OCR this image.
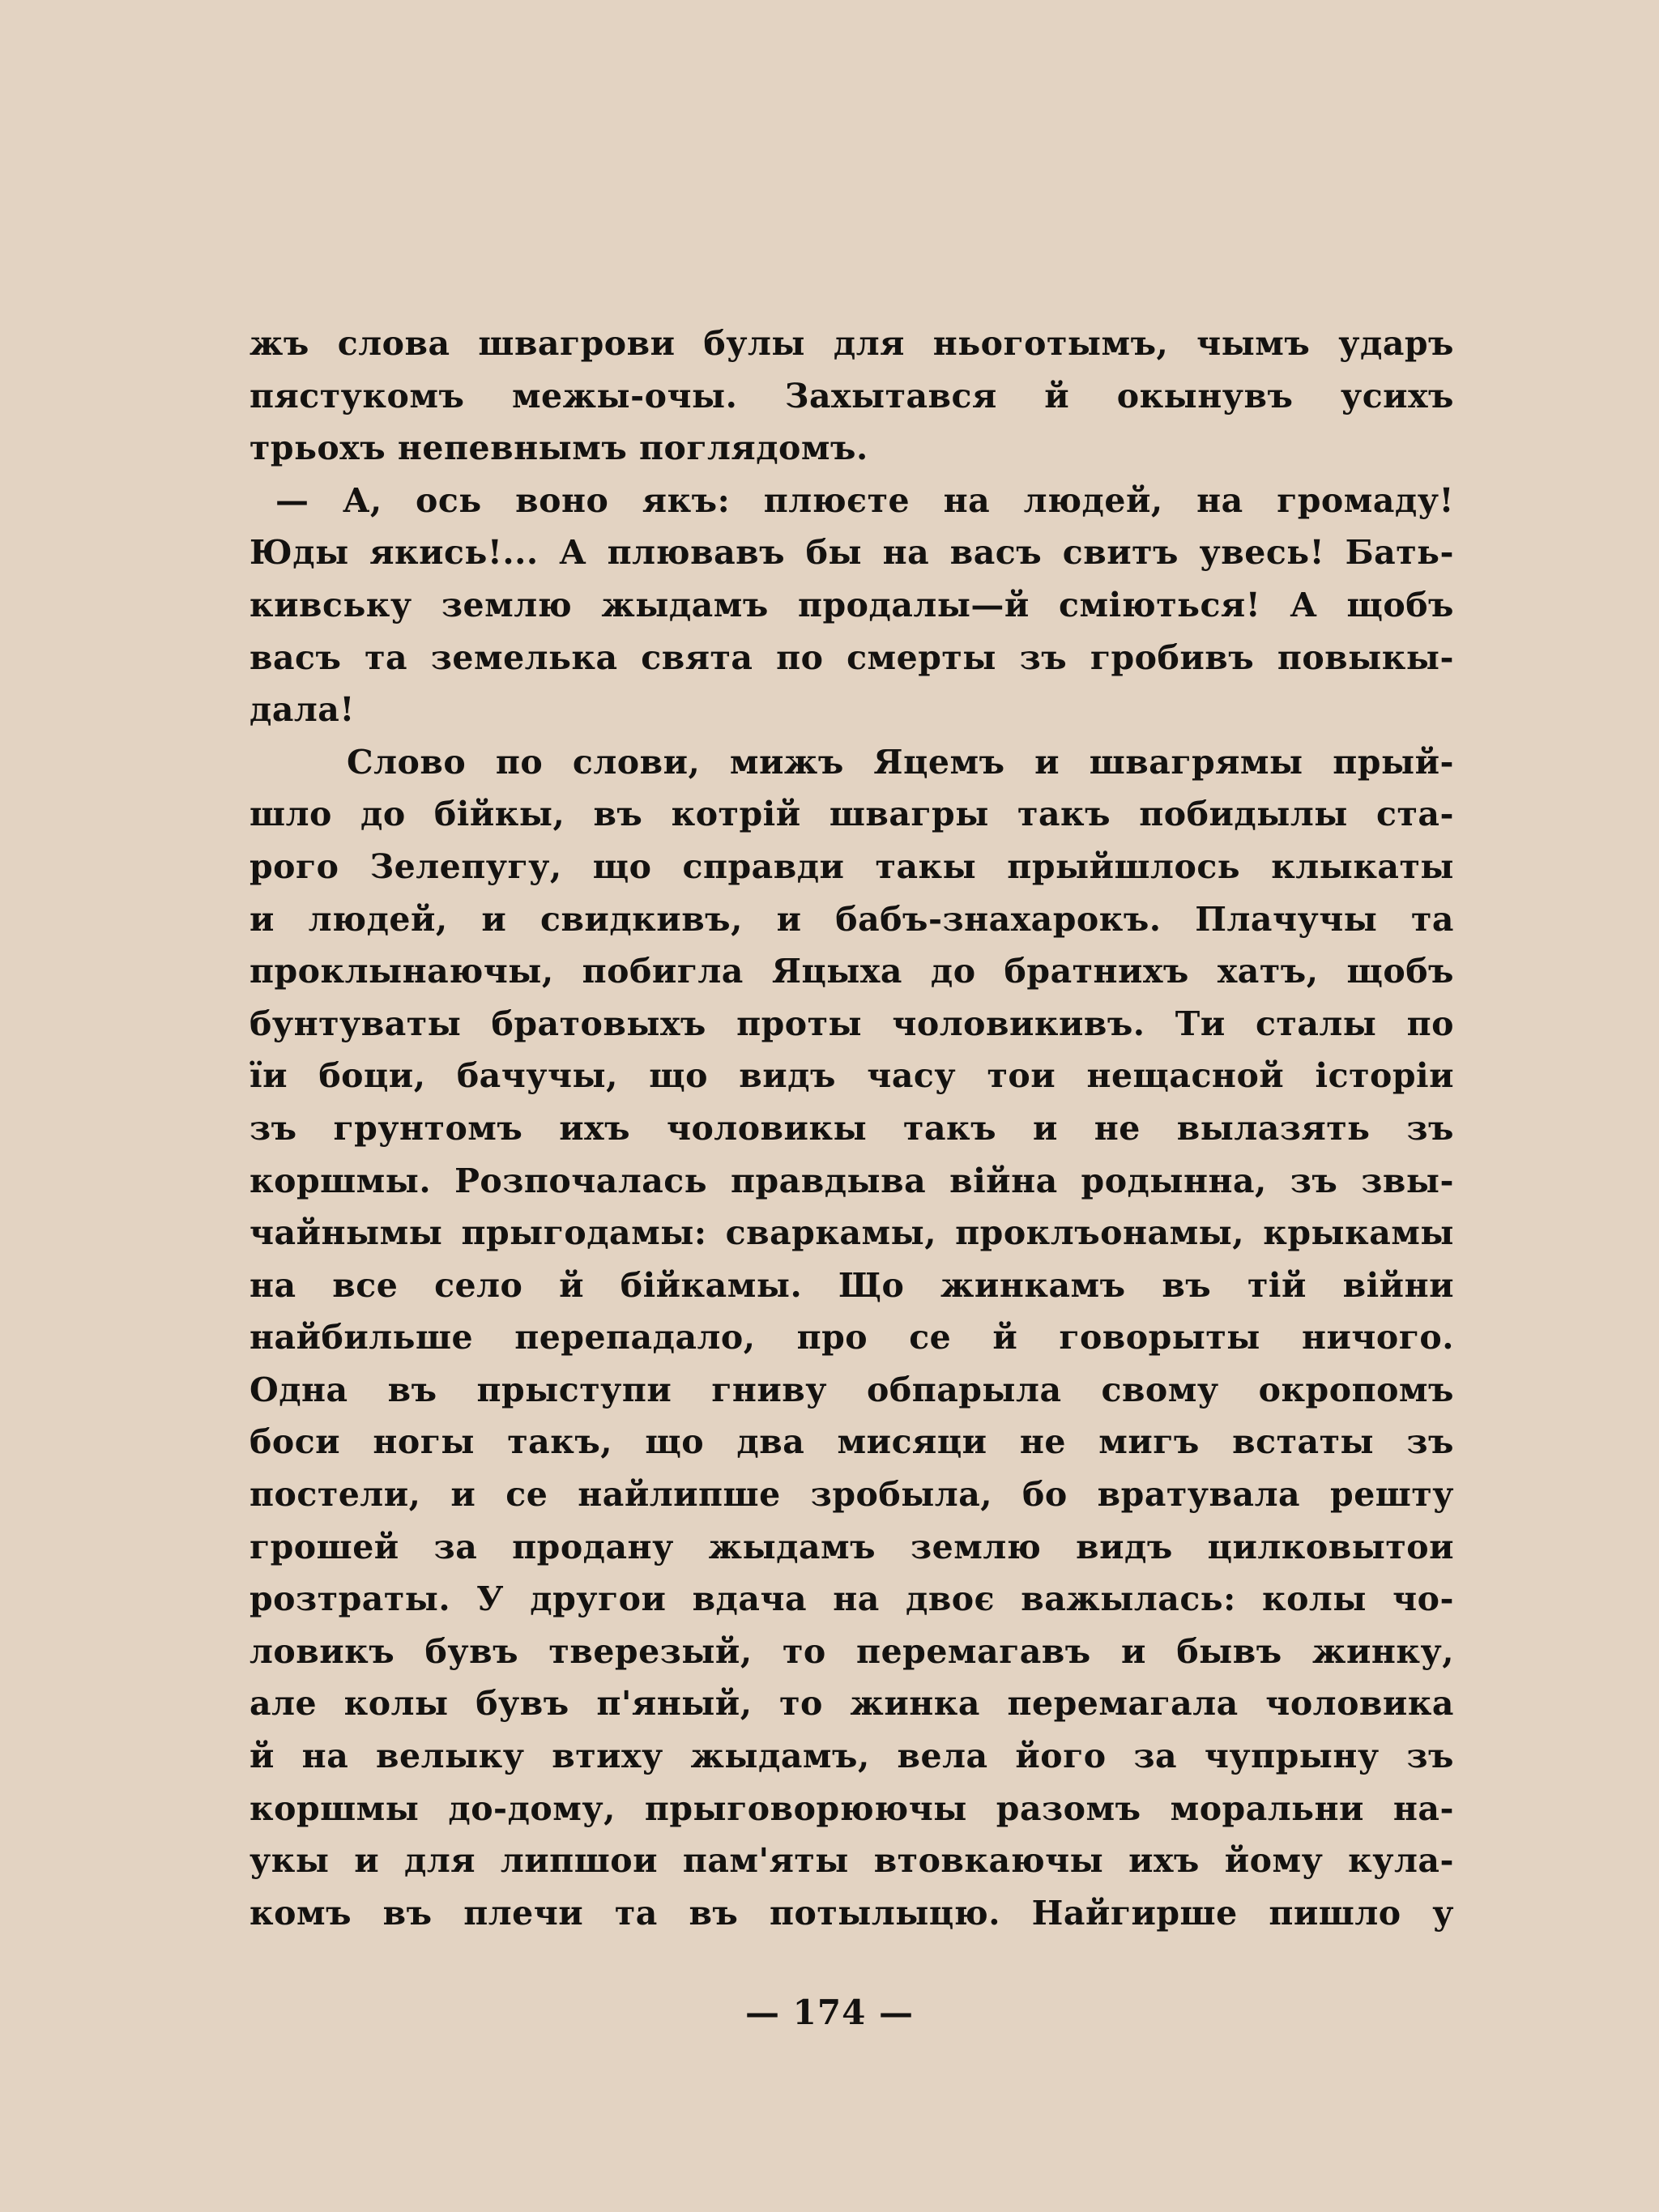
жъ слова швагрови булы для ньоготымъ, чымъ ударъ
пястукомъ межы-очы. Захытався й окынувъ усихъ
трьохъ непевнымъ поглядомъ.
— А, ось воно якъ: плюєте на людей, на громаду!
Юды якись!... А плювавъ бы на васъ свитъ увесь! Бать-
кивську землю жыдамъ продалы—й сміються! А щобъ
васъ та земелька свята по смерты зъ гробивъ повыкы-
дала!
Слово по слови, мижъ Яцемъ и швагрямы прый-
шло до бійкы, въ котрій швагры такъ побидылы ста-
рого Зелепугу, що справди такы прыйшлось клыкаты
и людей, и свидкивъ, и бабъ-знахарокъ. Плачучы та
проклынаючы, побигла Яцыха до братнихъ хатъ, щобъ
бунтуваты братовыхъ проты чоловикивъ. Ти сталы по
їи боци, бачучы, що видъ часу тои нещасной історіи
зъ грунтомъ ихъ чоловикы такъ и не вылазять зъ
коршмы. Розпочалась правдыва війна родынна, зъ звы-
чайнымы прыгодамы: сваркамы, проклъонамы, крыкамы
на все село й бійкамы. Що жинкамъ въ тій війни
найбильше перепадало, про се й говорыты ничого.
Одна въ прыступи гниву обпарыла свому окропомъ
боси ногы такъ, що два мисяци не мигъ встаты зъ
постели, и се найлипше зробыла, бо вратувала решту
грошей за продану жыдамъ землю видъ цилковытои
розтраты. У другои вдача на двоє важылась: колы чо-
ловикъ бувъ тверезый, то перемагавъ и бывъ жинку,
але колы бувъ п'яный, то жинка перемагала чоловика
й на велыку втиху жыдамъ, вела його за чупрыну зъ
коршмы до-дому, прыговорюючы разомъ моральни на-
укы и для липшои пам'яты втовкаючы ихъ йому кула-
комъ въ плечи та въ потылыцю. Найгирше пишло у
— 174 —
